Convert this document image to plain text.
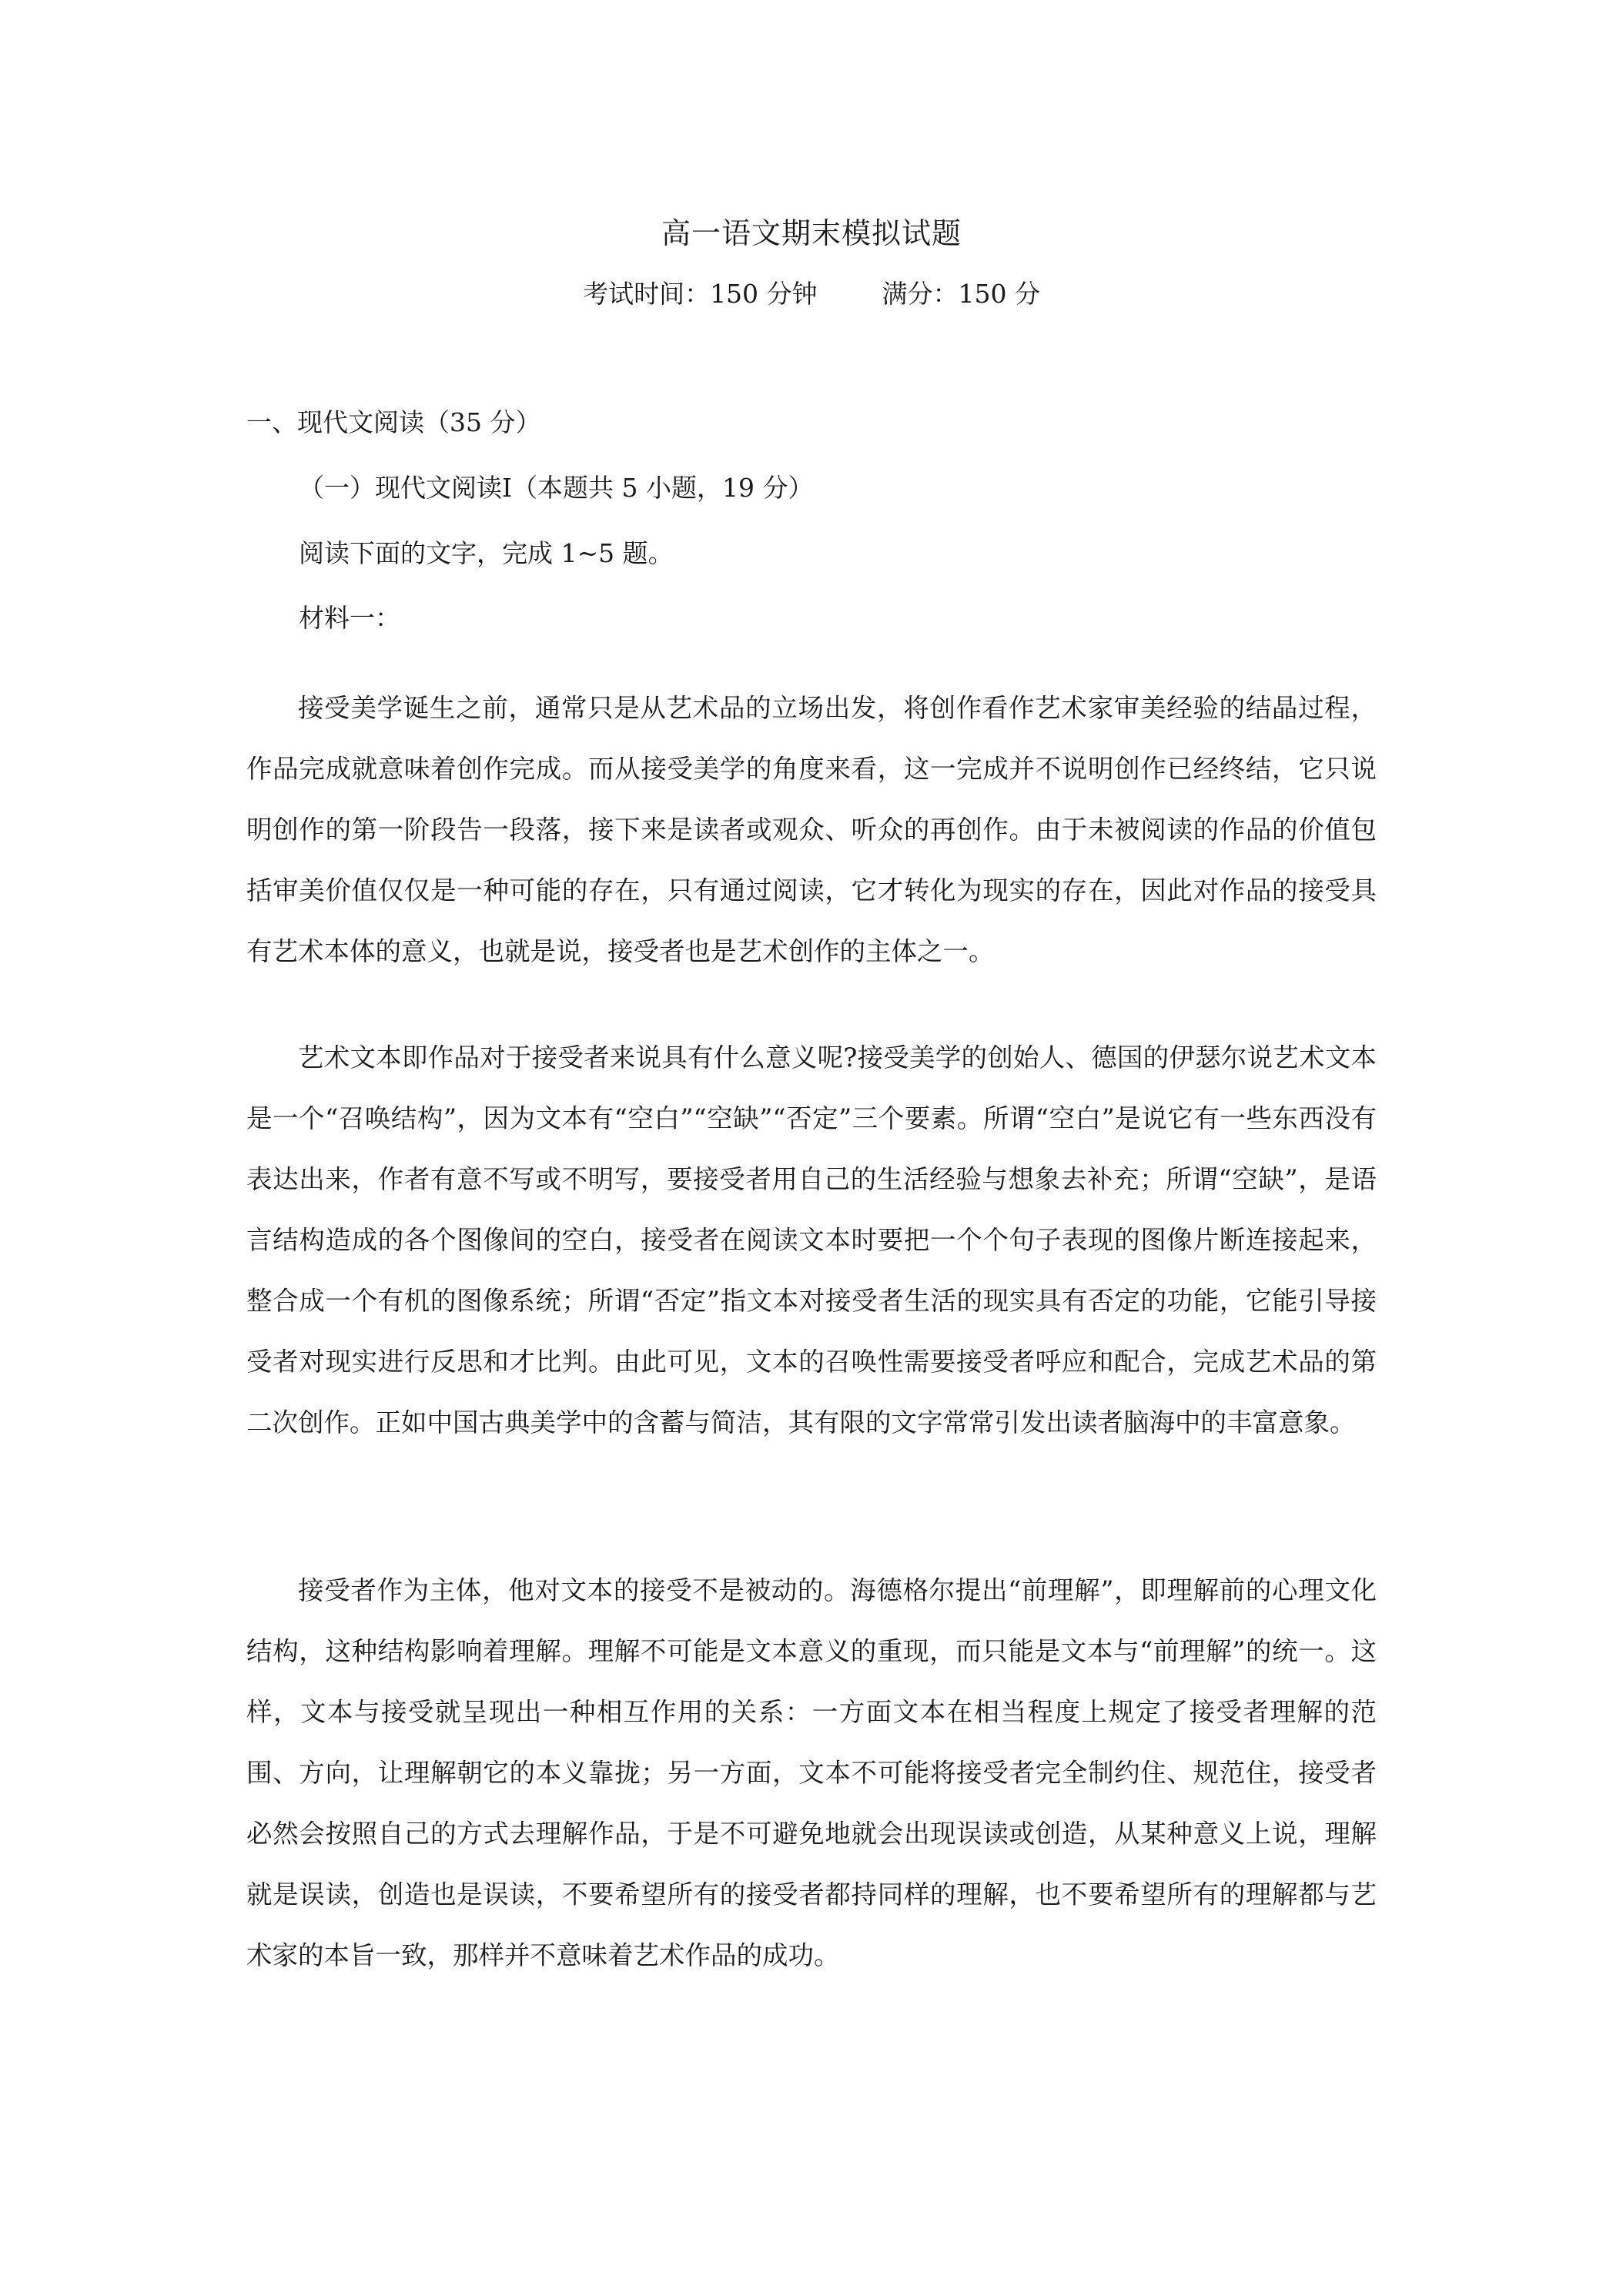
高一语文期末模拟试题
考试时间：150 分钟        满分：150 分
一、现代文阅读（35 分）
（一）现代文阅读Ⅰ（本题共 5 小题，19 分）
阅读下面的文字，完成 1~5 题。
材料一：

接受美学诞生之前，通常只是从艺术品的立场出发，将创作看作艺术家审美经验的结晶过程，作品完成就意味着创作完成。而从接受美学的角度来看，这一完成并不说明创作已经终结，它只说明创作的第一阶段告一段落，接下来是读者或观众、听众的再创作。由于未被阅读的作品的价值包括审美价值仅仅是一种可能的存在，只有通过阅读，它才转化为现实的存在，因此对作品的接受具有艺术本体的意义，也就是说，接受者也是艺术创作的主体之一。

艺术文本即作品对于接受者来说具有什么意义呢?接受美学的创始人、德国的伊瑟尔说艺术文本是一个“召唤结构”，因为文本有“空白”“空缺”“否定”三个要素。所谓“空白”是说它有一些东西没有表达出来，作者有意不写或不明写，要接受者用自己的生活经验与想象去补充；所谓“空缺”，是语言结构造成的各个图像间的空白，接受者在阅读文本时要把一个个句子表现的图像片断连接起来，整合成一个有机的图像系统；所谓“否定”指文本对接受者生活的现实具有否定的功能，它能引导接受者对现实进行反思和才比判。由此可见，文本的召唤性需要接受者呼应和配合，完成艺术品的第二次创作。正如中国古典美学中的含蓄与简洁，其有限的文字常常引发出读者脑海中的丰富意象。

接受者作为主体，他对文本的接受不是被动的。海德格尔提出“前理解”，即理解前的心理文化结构，这种结构影响着理解。理解不可能是文本意义的重现，而只能是文本与“前理解”的统一。这样，文本与接受就呈现出一种相互作用的关系：一方面文本在相当程度上规定了接受者理解的范围、方向，让理解朝它的本义靠拢；另一方面，文本不可能将接受者完全制约住、规范住，接受者必然会按照自己的方式去理解作品，于是不可避免地就会出现误读或创造，从某种意义上说，理解就是误读，创造也是误读，不要希望所有的接受者都持同样的理解，也不要希望所有的理解都与艺术家的本旨一致，那样并不意味着艺术作品的成功。
